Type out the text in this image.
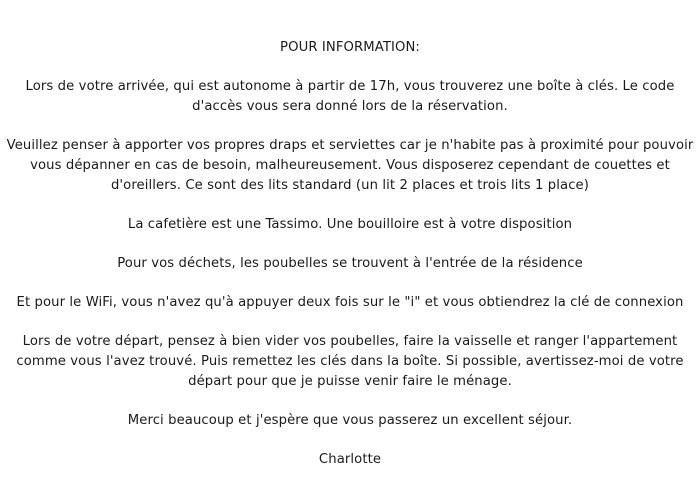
POUR INFORMATION:
Lors de votre arrivée, qui est autonome à partir de 17h, vous trouverez une boîte à clés. Le code
d'accès vous sera donné lors de la réservation.
Veuillez penser à apporter vos propres draps et serviettes car je n'habite pas à proximité pour pouvoir
vous dépanner en cas de besoin, malheureusement. Vous disposerez cependant de couettes et
d'oreillers. Ce sont des lits standard (un lit 2 places et trois lits 1 place)
La cafetière est une Tassimo. Une bouilloire est à votre disposition
Pour vos déchets, les poubelles se trouvent à l'entrée de la résidence
Et pour le WiFi, vous n'avez qu'à appuyer deux fois sur le "i" et vous obtiendrez la clé de connexion
Lors de votre départ, pensez à bien vider vos poubelles, faire la vaisselle et ranger l'appartement
comme vous l'avez trouvé. Puis remettez les clés dans la boîte. Si possible, avertissez-moi de votre
départ pour que je puisse venir faire le ménage.
Merci beaucoup et j'espère que vous passerez un excellent séjour.
Charlotte
